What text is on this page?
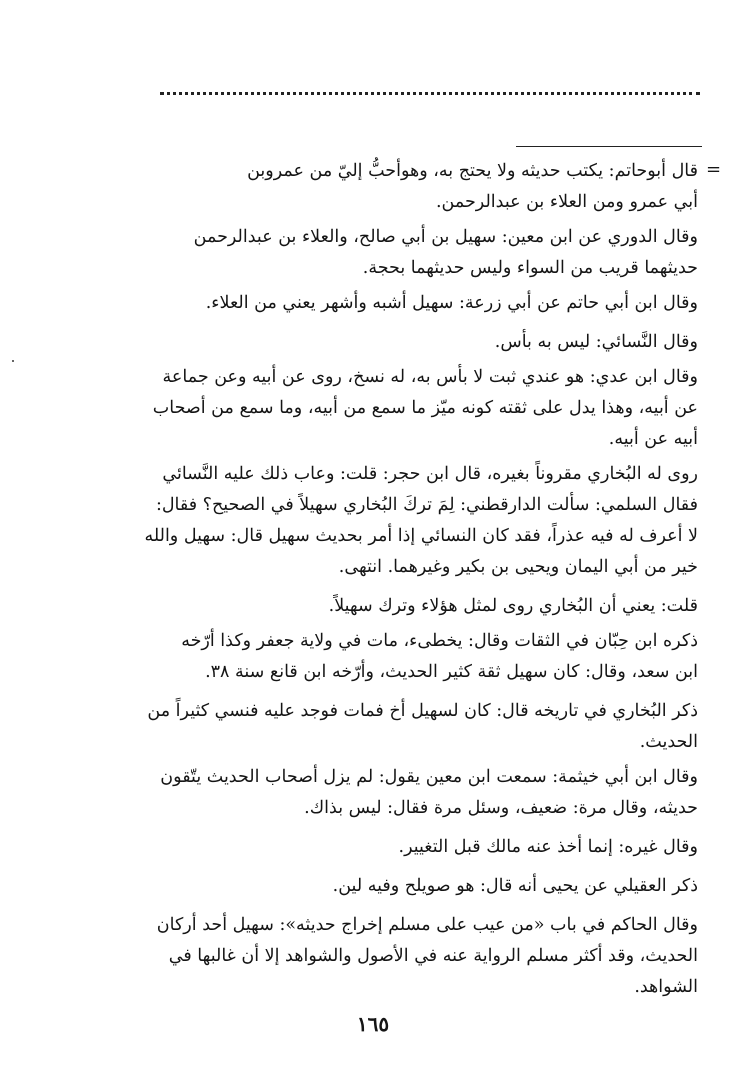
=

قال أبوحاتم: يكتب حديثه ولا يحتج به، وهوأحبُّ إليّ من عمروبن
أبي عمرو ومن العلاء بن عبدالرحمن.

وقال الدوري عن ابن معين: سهيل بن أبي صالح، والعلاء بن عبدالرحمن
حديثهما قريب من السواء وليس حديثهما بحجة.

وقال ابن أبي حاتم عن أبي زرعة: سهيل أشبه وأشهر يعني من العلاء.

وقال النَّسائي: ليس به بأس.

وقال ابن عدي: هو عندي ثبت لا بأس به، له نسخ، روى عن أبيه وعن جماعة
عن أبيه، وهذا يدل على ثقته كونه ميّز ما سمع من أبيه، وما سمع من أصحاب
أبيه عن أبيه.

روى له البُخاري مقروناً بغيره، قال ابن حجر: قلت: وعاب ذلك عليه النَّسائي
فقال السلمي: سألت الدارقطني: لِمَ تركَ البُخاري سهيلاً في الصحيح؟ فقال:
لا أعرف له فيه عذراً، فقد كان النسائي إذا أمر بحديث سهيل قال: سهيل والله
خير من أبي اليمان ويحيى بن بكير وغيرهما. انتهى.

قلت: يعني أن البُخاري روى لمثل هؤلاء وترك سهيلاً.

ذكره ابن حِبّان في الثقات وقال: يخطىء، مات في ولاية جعفر وكذا أرّخه
ابن سعد، وقال: كان سهيل ثقة كثير الحديث، وأرّخه ابن قانع سنة ٣٨.

ذكر البُخاري في تاريخه قال: كان لسهيل أخ فمات فوجد عليه فنسي كثيراً من
الحديث.

وقال ابن أبي خيثمة: سمعت ابن معين يقول: لم يزل أصحاب الحديث يتّقون
حديثه، وقال مرة: ضعيف، وسئل مرة فقال: ليس بذاك.

وقال غيره: إنما أخذ عنه مالك قبل التغيير.

ذكر العقيلي عن يحيى أنه قال: هو صويلح وفيه لين.

وقال الحاكم في باب «من عيب على مسلم إخراج حديثه»: سهيل أحد أركان
الحديث، وقد أكثر مسلم الرواية عنه في الأصول والشواهد إلا أن غالبها في
الشواهد.

١٦٥
